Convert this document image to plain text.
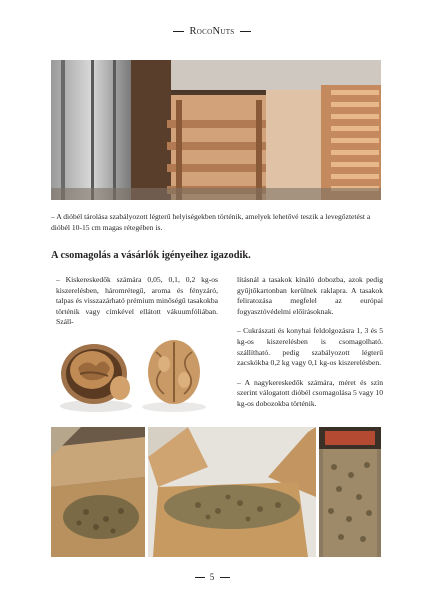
RocoNuts
– A dióbél tárolása szabályozott légterű helyiségekben történik, amelyek lehetővé teszik a levegőztetést a dióbél 10-15 cm magas rétegében is.
A csomagolás a vásárlók igényeihez igazodik.

– Kiskereskedők számára 0,05, 0,1, 0,2 kg-os kiszerelésben, háromrétegű, aroma és fényzáró, talpas és visszazárható prémium minőségű tasakokba történik vagy címkével ellátott vákuumfóliában. Száll-

lításnál a tasakok kínáló dobozba, azok pedig gyűjtőkartonban kerülnek raklapra. A tasakok feliratozása megfelel az európai fogyasztóvédelmi előírásoknak.

– Cukrászati és konyhai feldolgozásra 1, 3 és 5 kg-os kiszerelésben is csomagolható. szállítható. pedig szabályozott légterű zacskókba 0,2 kg vagy 0,1 kg-os kiszerelésben.

– A nagykereskedők számára, méret és szín szerint válogatott dióbél csomagolása 5 vagy 10 kg-os dobozokba történik.

5
